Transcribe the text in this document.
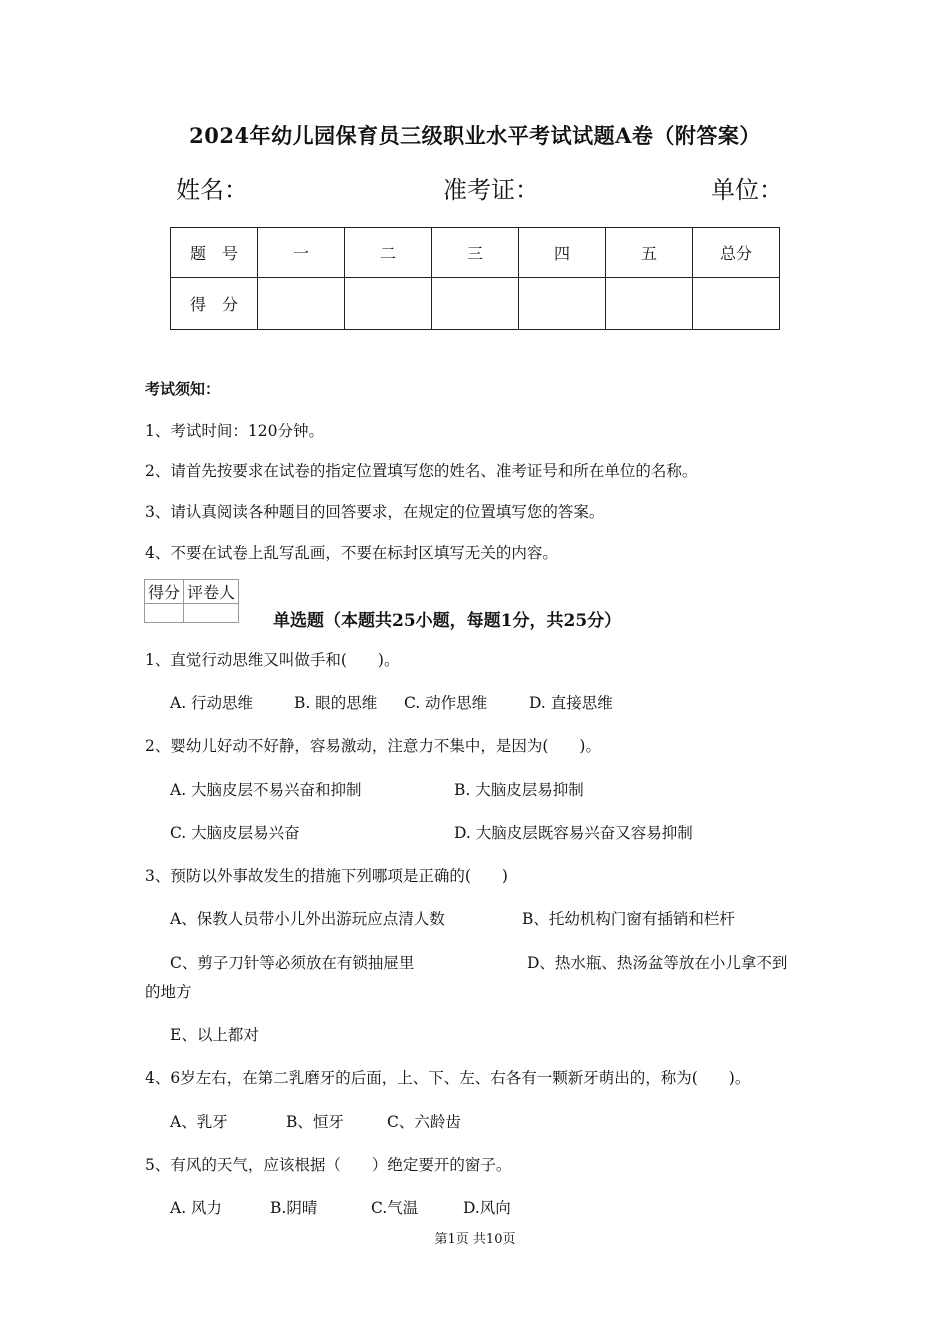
2024年幼儿园保育员三级职业水平考试试题A卷（附答案）
姓名：	准考证：	单位：
题　号	一	二	三	四	五	总分
得　分						
考试须知：
1、考试时间：120分钟。
2、请首先按要求在试卷的指定位置填写您的姓名、准考证号和所在单位的名称。
3、请认真阅读各种题目的回答要求，在规定的位置填写您的答案。
4、不要在试卷上乱写乱画，不要在标封区填写无关的内容。
得分	评卷人

单选题（本题共25小题，每题1分，共25分）
1、直觉行动思维又叫做手和(　　)。
A. 行动思维	B. 眼的思维 C. 动作思维	D. 直接思维
2、婴幼儿好动不好静，容易激动，注意力不集中，是因为(　　)。
A. 大脑皮层不易兴奋和抑制	B. 大脑皮层易抑制
C. 大脑皮层易兴奋	D. 大脑皮层既容易兴奋又容易抑制
3、预防以外事故发生的措施下列哪项是正确的(　　)
A、保教人员带小儿外出游玩应点清人数	B、托幼机构门窗有插销和栏杆
C、剪子刀针等必须放在有锁抽屉里	D、热水瓶、热汤盆等放在小儿拿不到
的地方
E、以上都对
4、6岁左右，在第二乳磨牙的后面，上、下、左、右各有一颗新牙萌出的，称为(　　)。
A、乳牙	B、恒牙	C、六龄齿
5、有风的天气，应该根据（　　）绝定要开的窗子。
A. 风力	B.阴晴	C.气温	D.风向
第1页 共10页
